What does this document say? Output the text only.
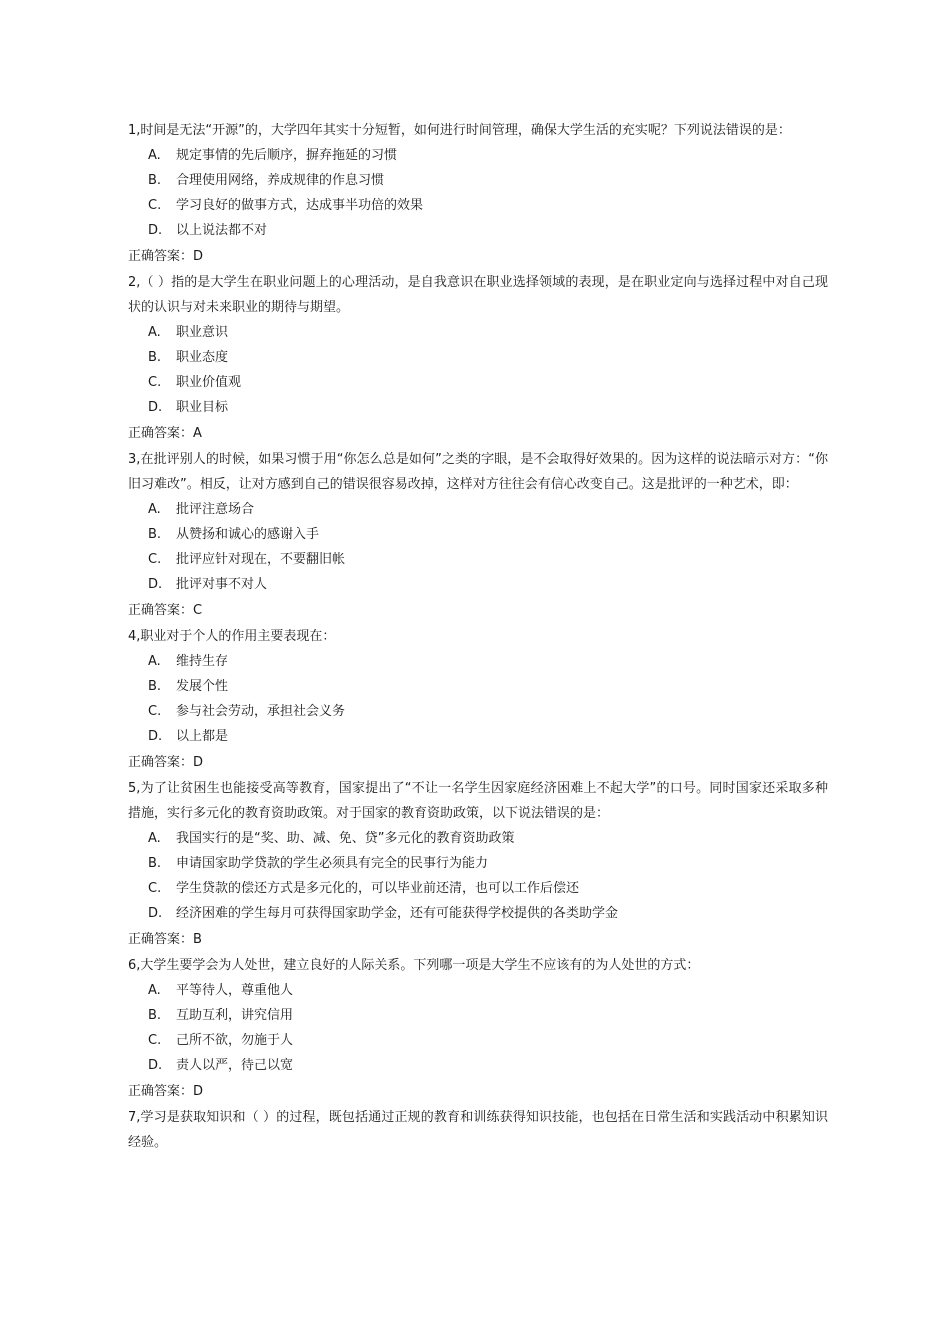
1,时间是无法“开源”的，大学四年其实十分短暂，如何进行时间管理，确保大学生活的充实呢？下列说法错误的是：

A.	规定事情的先后顺序，摒弃拖延的习惯
B.	合理使用网络，养成规律的作息习惯
C.	学习良好的做事方式，达成事半功倍的效果
D.	以上说法都不对
正确答案： D

2,（ ）指的是大学生在职业问题上的心理活动，是自我意识在职业选择领域的表现，是在职业定向与选择过程中对自己现状的认识与对未来职业的期待与期望。

A.	职业意识
B.	职业态度
C.	职业价值观
D.	职业目标
正确答案： A

3,在批评别人的时候，如果习惯于用“你怎么总是如何”之类的字眼，是不会取得好效果的。因为这样的说法暗示对方：“你旧习难改”。相反，让对方感到自己的错误很容易改掉，这样对方往往会有信心改变自己。这是批评的一种艺术，即：

A.	批评注意场合
B.	从赞扬和诚心的感谢入手
C.	批评应针对现在，不要翻旧帐
D.	批评对事不对人
正确答案： C

4,职业对于个人的作用主要表现在：

A.	维持生存
B.	发展个性
C.	参与社会劳动，承担社会义务
D.	以上都是
正确答案： D

5,为了让贫困生也能接受高等教育，国家提出了“不让一名学生因家庭经济困难上不起大学”的口号。同时国家还采取多种措施，实行多元化的教育资助政策。对于国家的教育资助政策，以下说法错误的是：

A.	我国实行的是“奖、助、减、免、贷”多元化的教育资助政策
B.	申请国家助学贷款的学生必须具有完全的民事行为能力
C.	学生贷款的偿还方式是多元化的，可以毕业前还清，也可以工作后偿还
D.	经济困难的学生每月可获得国家助学金，还有可能获得学校提供的各类助学金
正确答案： B

6,大学生要学会为人处世，建立良好的人际关系。下列哪一项是大学生不应该有的为人处世的方式：

A.	平等待人，尊重他人
B.	互助互利，讲究信用
C.	己所不欲，勿施于人
D.	责人以严，待己以宽
正确答案： D

7,学习是获取知识和（ ）的过程，既包括通过正规的教育和训练获得知识技能，也包括在日常生活和实践活动中积累知识经验。
